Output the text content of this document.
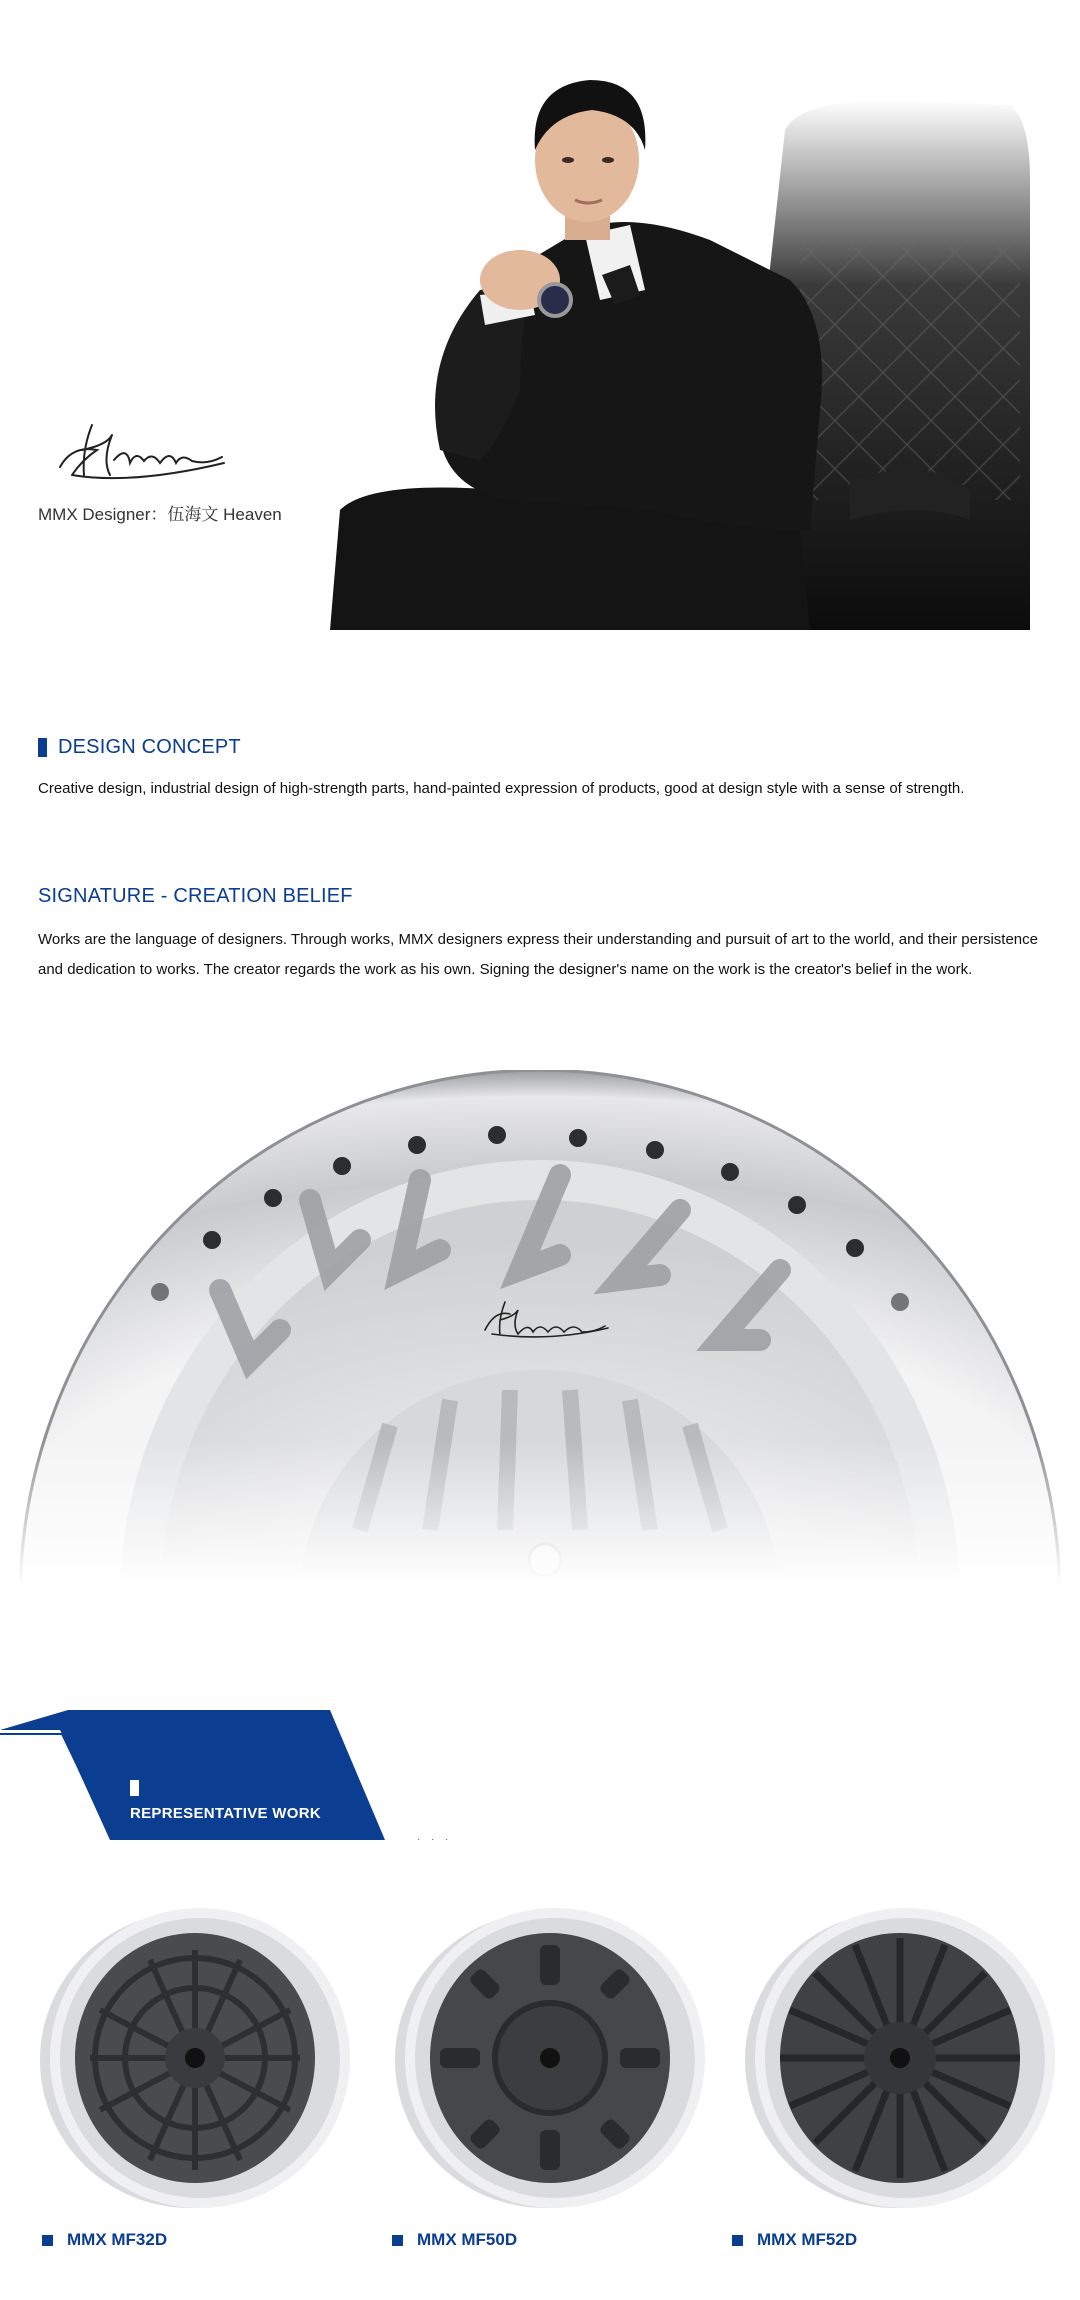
MMX Designer：伍海文 Heaven
DESIGN CONCEPT
Creative design, industrial design of high-strength parts, hand-painted expression of products, good at design style with a sense of strength.
SIGNATURE - CREATION BELIEF
Works are the language of designers. Through works, MMX designers express their understanding and pursuit of art to the world, and their persistence and dedication to works. The creator regards the work as his own. Signing the designer's name on the work is the creator's belief in the work.
REPRESENTATIVE WORK
MMX MF32D	MMX MF50D	MMX MF52D
